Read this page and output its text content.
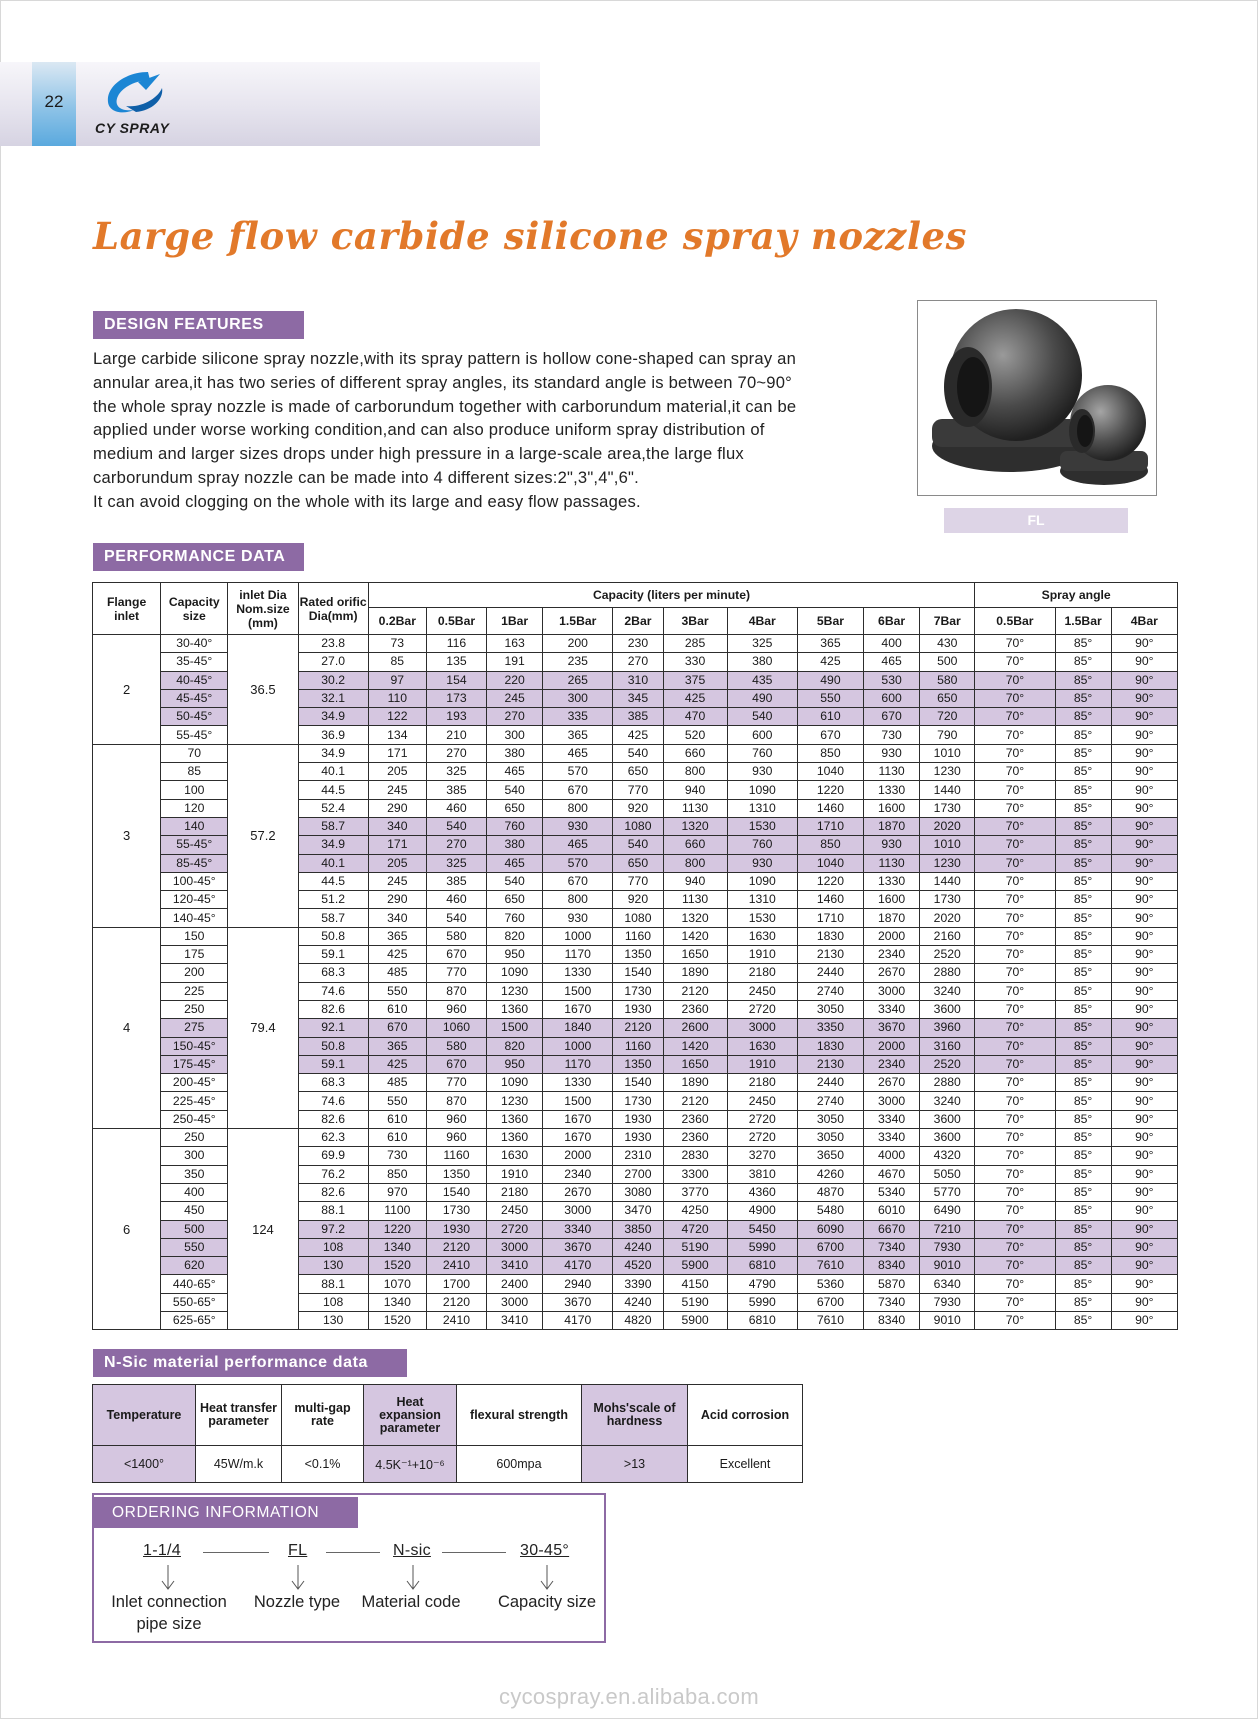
22
CY SPRAY
Large flow carbide silicone spray nozzles
DESIGN FEATURES

Large carbide silicone spray nozzle,with its spray pattern is hollow cone-shaped can spray an

annular area,it has two series of different spray angles, its standard angle is between 70~90°

the whole spray nozzle is made of carborundum together with carborundum material,it can be

applied under worse working condition,and can also produce uniform spray distribution of

medium and larger sizes drops under high pressure in a large-scale area,the large flux

carborundum spray nozzle can be made into 4 different sizes:2",3",4",6".

It can avoid clogging on the whole with its large and easy flow passages.

FL
PERFORMANCE DATA
Flange inlet	Capacity size	inlet Dia Nom.size (mm)	Rated orific Dia(mm)	Capacity (liters per minute)										Spray angle		
				0.2Bar	0.5Bar	1Bar	1.5Bar	2Bar	3Bar	4Bar	5Bar	6Bar	7Bar	0.5Bar	1.5Bar	4Bar
2	30-40°	36.5	23.8	73	116	163	200	230	285	325	365	400	430	70°	85°	90°
	35-45°		27.0	85	135	191	235	270	330	380	425	465	500	70°	85°	90°
	40-45°		30.2	97	154	220	265	310	375	435	490	530	580	70°	85°	90°
	45-45°		32.1	110	173	245	300	345	425	490	550	600	650	70°	85°	90°
	50-45°		34.9	122	193	270	335	385	470	540	610	670	720	70°	85°	90°
	55-45°		36.9	134	210	300	365	425	520	600	670	730	790	70°	85°	90°
3	70	57.2	34.9	171	270	380	465	540	660	760	850	930	1010	70°	85°	90°
	85		40.1	205	325	465	570	650	800	930	1040	1130	1230	70°	85°	90°
	100		44.5	245	385	540	670	770	940	1090	1220	1330	1440	70°	85°	90°
	120		52.4	290	460	650	800	920	1130	1310	1460	1600	1730	70°	85°	90°
	140		58.7	340	540	760	930	1080	1320	1530	1710	1870	2020	70°	85°	90°
	55-45°		34.9	171	270	380	465	540	660	760	850	930	1010	70°	85°	90°
	85-45°		40.1	205	325	465	570	650	800	930	1040	1130	1230	70°	85°	90°
	100-45°		44.5	245	385	540	670	770	940	1090	1220	1330	1440	70°	85°	90°
	120-45°		51.2	290	460	650	800	920	1130	1310	1460	1600	1730	70°	85°	90°
	140-45°		58.7	340	540	760	930	1080	1320	1530	1710	1870	2020	70°	85°	90°
4	150	79.4	50.8	365	580	820	1000	1160	1420	1630	1830	2000	2160	70°	85°	90°
	175		59.1	425	670	950	1170	1350	1650	1910	2130	2340	2520	70°	85°	90°
	200		68.3	485	770	1090	1330	1540	1890	2180	2440	2670	2880	70°	85°	90°
	225		74.6	550	870	1230	1500	1730	2120	2450	2740	3000	3240	70°	85°	90°
	250		82.6	610	960	1360	1670	1930	2360	2720	3050	3340	3600	70°	85°	90°
	275		92.1	670	1060	1500	1840	2120	2600	3000	3350	3670	3960	70°	85°	90°
	150-45°		50.8	365	580	820	1000	1160	1420	1630	1830	2000	3160	70°	85°	90°
	175-45°		59.1	425	670	950	1170	1350	1650	1910	2130	2340	2520	70°	85°	90°
	200-45°		68.3	485	770	1090	1330	1540	1890	2180	2440	2670	2880	70°	85°	90°
	225-45°		74.6	550	870	1230	1500	1730	2120	2450	2740	3000	3240	70°	85°	90°
	250-45°		82.6	610	960	1360	1670	1930	2360	2720	3050	3340	3600	70°	85°	90°
6	250	124	62.3	610	960	1360	1670	1930	2360	2720	3050	3340	3600	70°	85°	90°
	300		69.9	730	1160	1630	2000	2310	2830	3270	3650	4000	4320	70°	85°	90°
	350		76.2	850	1350	1910	2340	2700	3300	3810	4260	4670	5050	70°	85°	90°
	400		82.6	970	1540	2180	2670	3080	3770	4360	4870	5340	5770	70°	85°	90°
	450		88.1	1100	1730	2450	3000	3470	4250	4900	5480	6010	6490	70°	85°	90°
	500		97.2	1220	1930	2720	3340	3850	4720	5450	6090	6670	7210	70°	85°	90°
	550		108	1340	2120	3000	3670	4240	5190	5990	6700	7340	7930	70°	85°	90°
	620		130	1520	2410	3410	4170	4520	5900	6810	7610	8340	9010	70°	85°	90°
	440-65°		88.1	1070	1700	2400	2940	3390	4150	4790	5360	5870	6340	70°	85°	90°
	550-65°		108	1340	2120	3000	3670	4240	5190	5990	6700	7340	7930	70°	85°	90°
	625-65°		130	1520	2410	3410	4170	4820	5900	6810	7610	8340	9010	70°	85°	90°
N-Sic material performance data
Temperature	Heat transfer parameter	multi-gap rate	Heat expansion parameter	flexural strength	Mohs'scale of hardness	Acid corrosion
<1400°	45W/m.k	<0.1%	4.5K⁻¹+10⁻⁶	600mpa	>13	Excellent
ORDERING INFORMATION
1-1/4	FL	N-sic	30-45°
Inlet connection pipe size
Nozzle type	Material code	Capacity size
cycospray.en.alibaba.com
